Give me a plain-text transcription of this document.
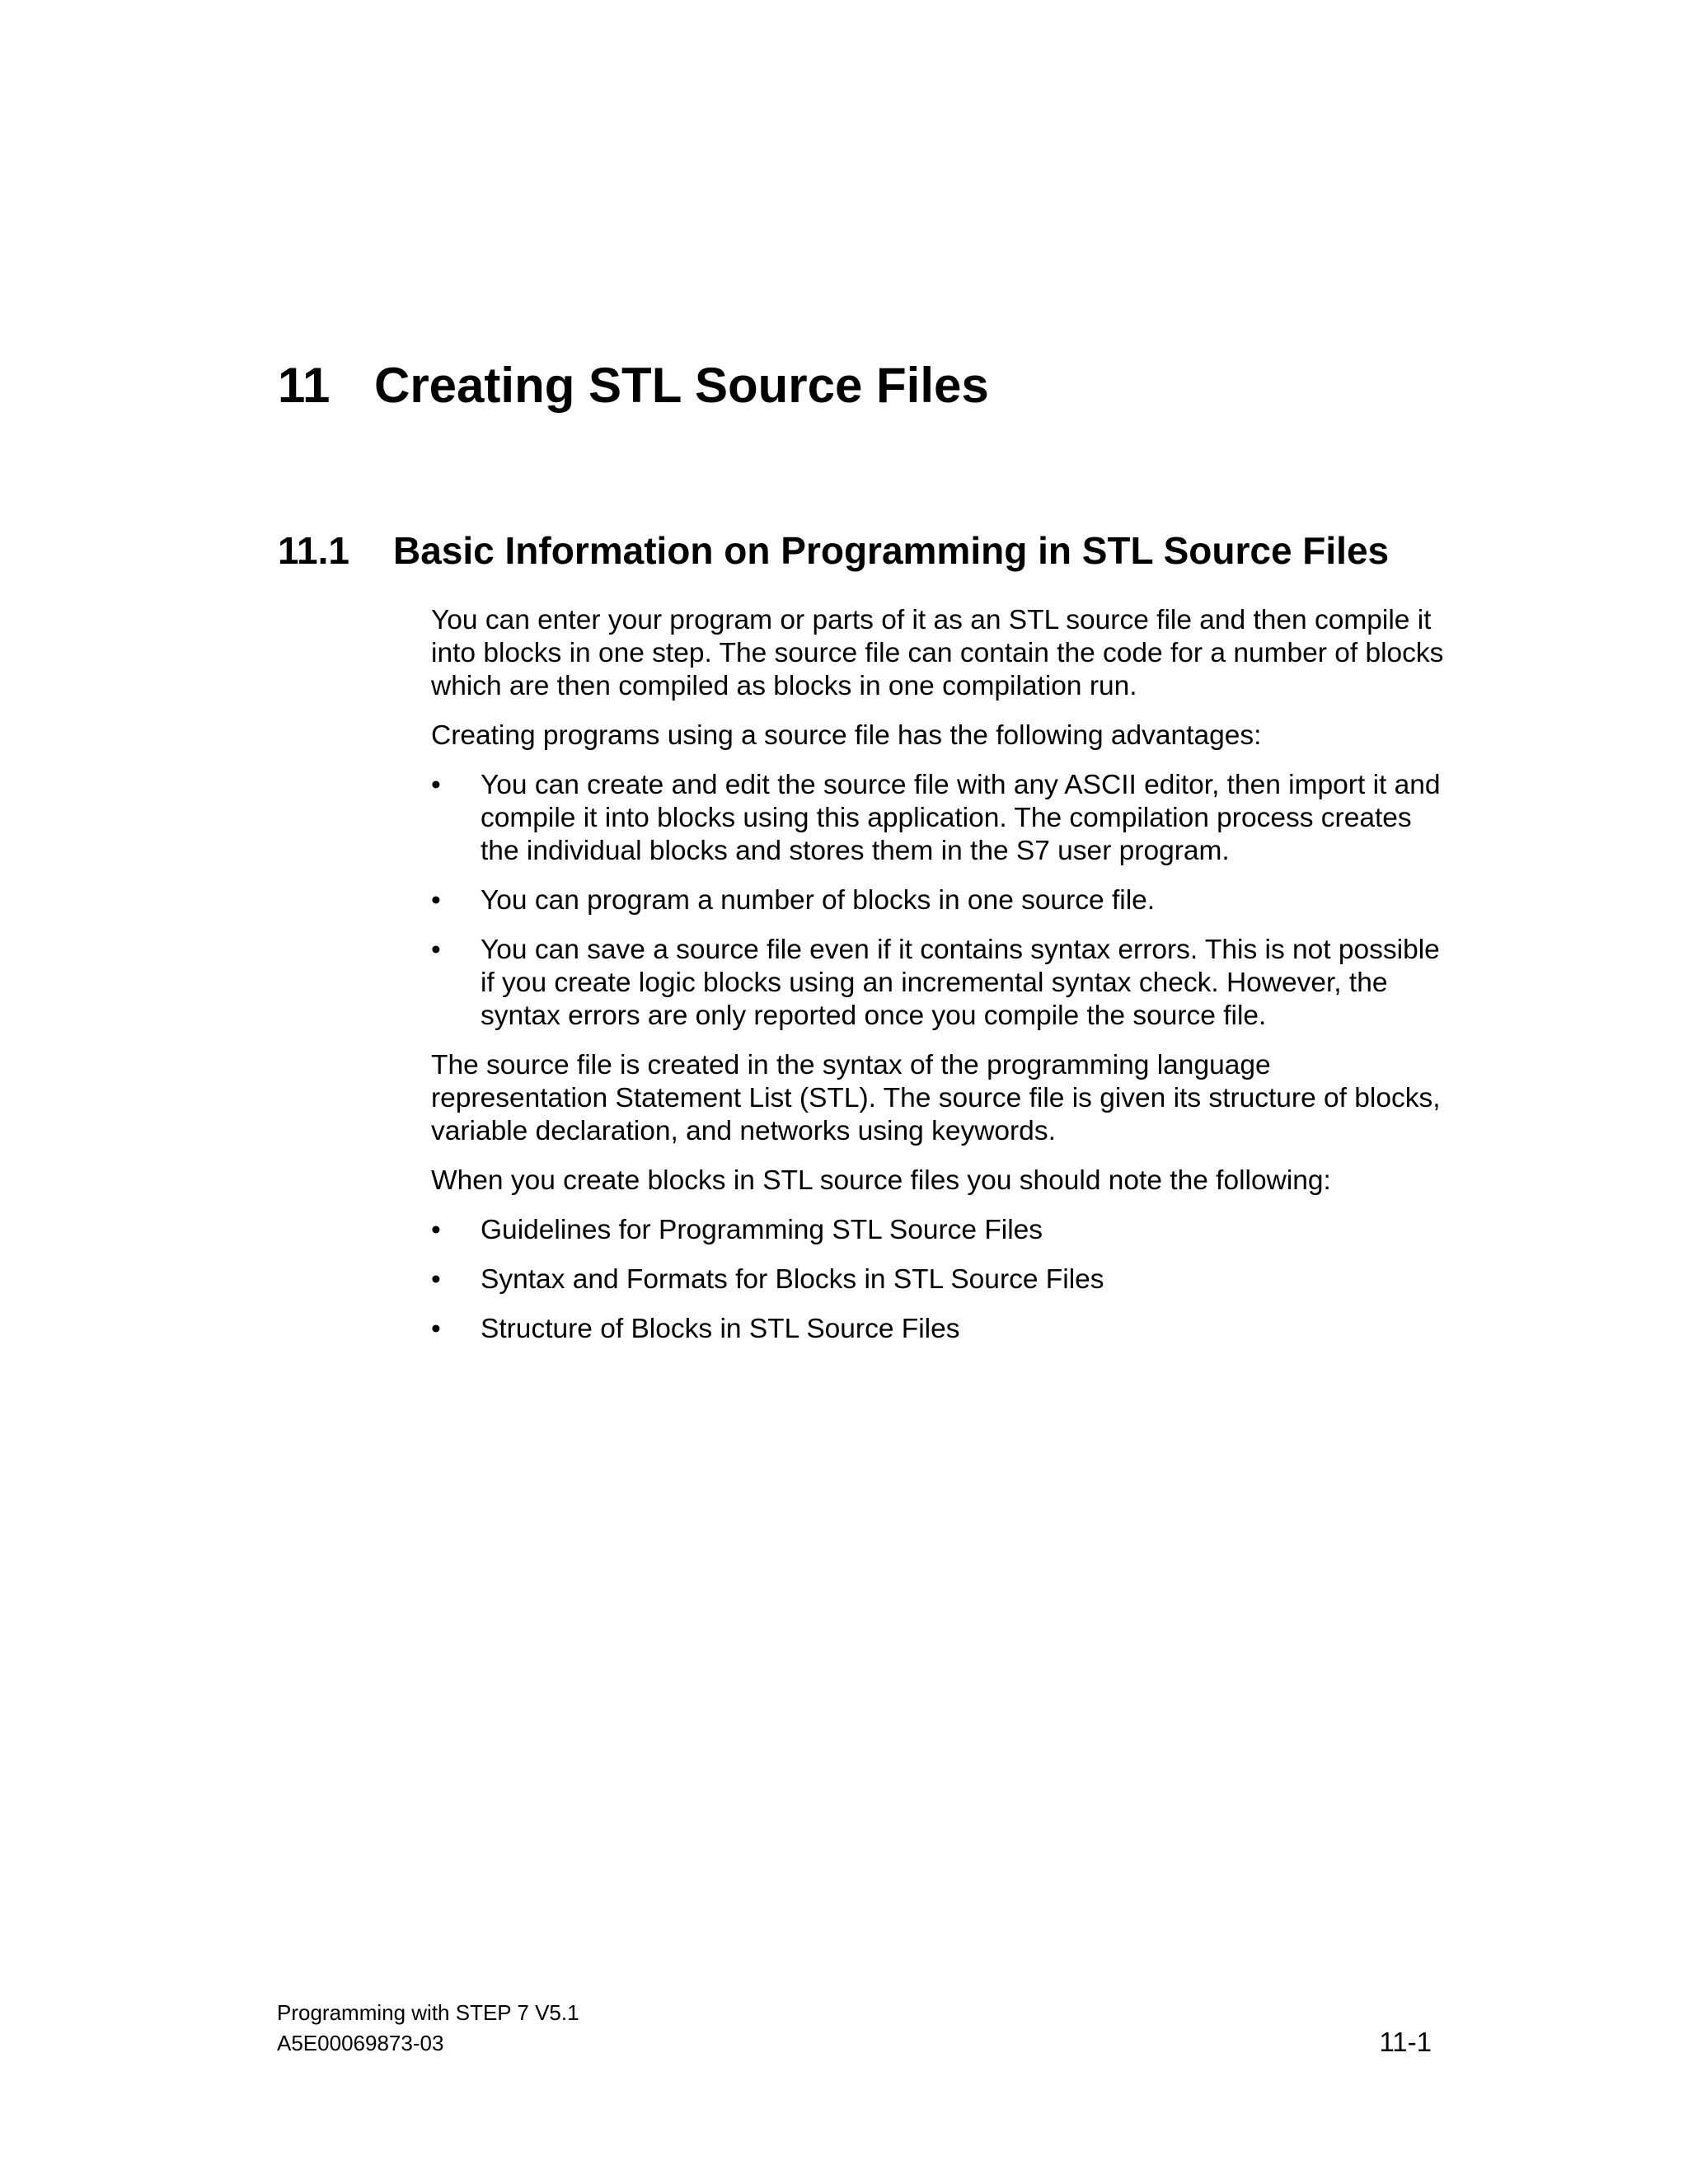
11 Creating STL Source Files
11.1 Basic Information on Programming in STL Source Files

You can enter your program or parts of it as an STL source file and then compile it into blocks in one step. The source file can contain the code for a number of blocks which are then compiled as blocks in one compilation run.

Creating programs using a source file has the following advantages:

•	You can create and edit the source file with any ASCII editor, then import it and compile it into blocks using this application. The compilation process creates the individual blocks and stores them in the S7 user program.
•	You can program a number of blocks in one source file.
•	You can save a source file even if it contains syntax errors. This is not possible if you create logic blocks using an incremental syntax check. However, the syntax errors are only reported once you compile the source file.

The source file is created in the syntax of the programming language representation Statement List (STL). The source file is given its structure of blocks, variable declaration, and networks using keywords.

When you create blocks in STL source files you should note the following:

•	Guidelines for Programming STL Source Files
•	Syntax and Formats for Blocks in STL Source Files
•	Structure of Blocks in STL Source Files
Programming with STEP 7 V5.1
A5E00069873-03	11-1
